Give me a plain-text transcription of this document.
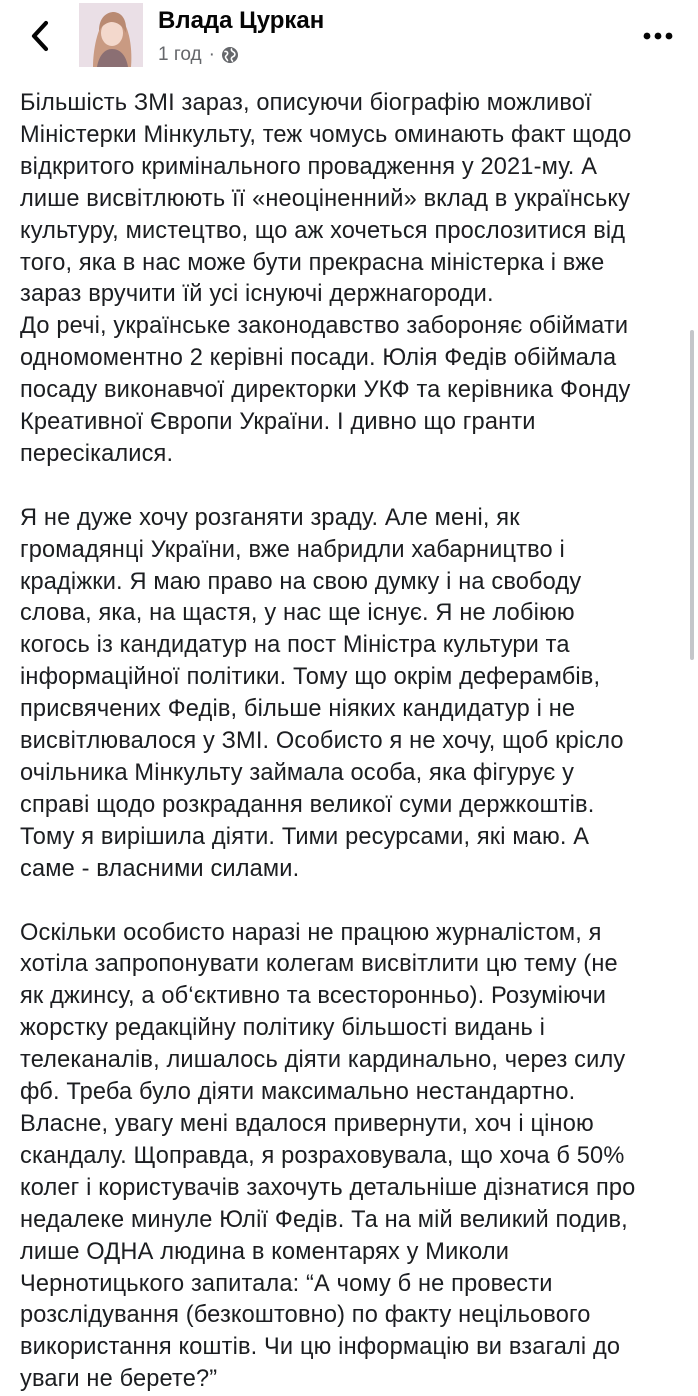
Влада Цуркан
1 год ·

Більшість ЗМІ зараз, описуючи біографію можливої

Міністерки Мінкульту, теж чомусь оминають факт щодо

відкритого кримінального провадження у 2021-му. А

лише висвітлюють її «неоціненний» вклад в українську

культуру, мистецтво, що аж хочеться прослозитися від

того, яка в нас може бути прекрасна міністерка і вже

зараз вручити їй усі існуючі держнагороди.

До речі, українське законодавство забороняє обіймати

одномоментно 2 керівні посади. Юлія Федів обіймала

посаду виконавчої директорки УКФ та керівника Фонду

Креативної Європи України. І дивно що гранти

пересікалися.

Я не дуже хочу розганяти зраду. Але мені, як

громадянці України, вже набридли хабарництво і

крадіжки. Я маю право на свою думку і на свободу

слова, яка, на щастя, у нас ще існує. Я не лобіюю

когось із кандидатур на пост Міністра культури та

інформаційної політики. Тому що окрім деферамбів,

присвячених Федів, більше ніяких кандидатур і не

висвітлювалося у ЗМІ. Особисто я не хочу, щоб крісло

очільника Мінкульту займала особа, яка фігурує у

справі щодо розкрадання великої суми держкоштів.

Тому я вирішила діяти. Тими ресурсами, які маю. А

саме - власними силами.

Оскільки особисто наразі не працюю журналістом, я

хотіла запропонувати колегам висвітлити цю тему (не

як джинсу, а об‘єктивно та всесторонньо). Розуміючи

жорстку редакційну політику більшості видань і

телеканалів, лишалось діяти кардинально, через силу

фб. Треба було діяти максимально нестандартно.

Власне, увагу мені вдалося привернути, хоч і ціною

скандалу. Щоправда, я розраховувала, що хоча б 50%

колег і користувачів захочуть детальніше дізнатися про

недалеке минуле Юлії Федів. Та на мій великий подив,

лише ОДНА людина в коментарях у Миколи

Чернотицького запитала: “А чому б не провести

розслідування (безкоштовно) по факту нецільового

використання коштів. Чи цю інформацію ви взагалі до

уваги не берете?”
